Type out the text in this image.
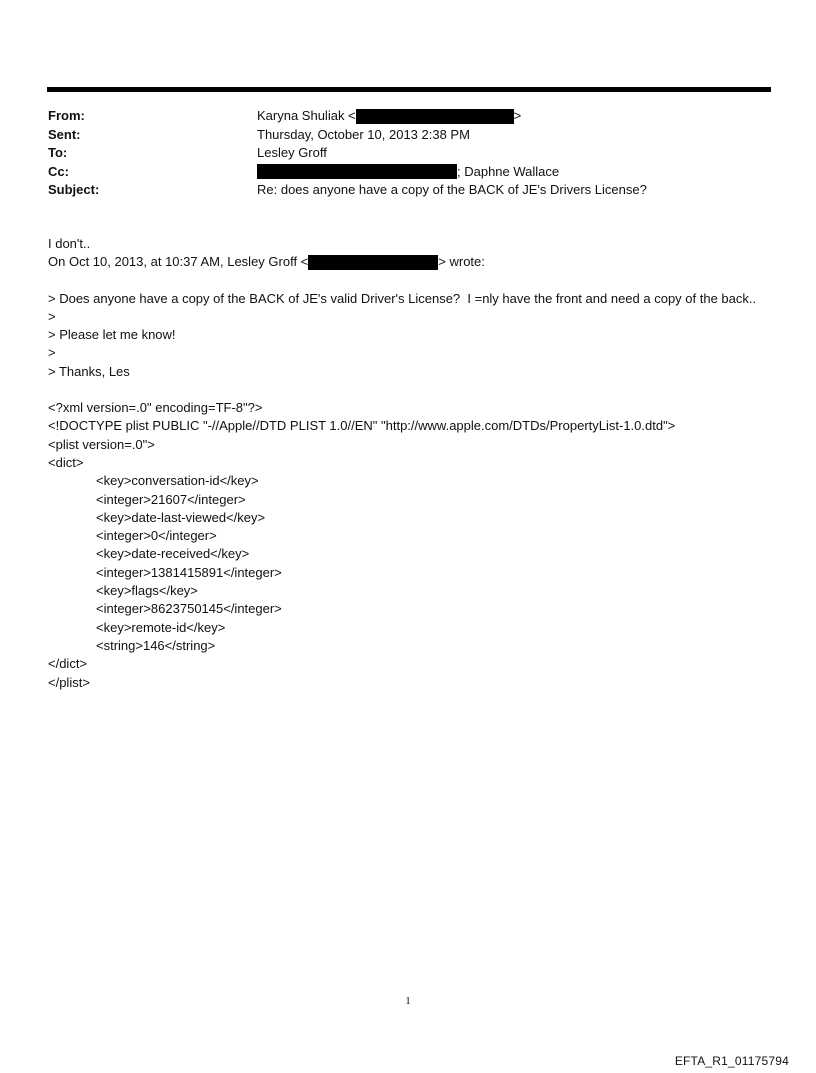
From:	Karyna Shuliak <	>
Sent:	Thursday, October 10, 2013 2:38 PM
To:	Lesley Groff
Cc:	; Daphne Wallace
Subject:	Re: does anyone have a copy of the BACK of JE's Drivers License?
I don't..
On Oct 10, 2013, at 10:37 AM, Lesley Groff <	> wrote:
> Does anyone have a copy of the BACK of JE's valid Driver's License?  I =nly have the front and need a copy of the back..
>
> Please let me know!
>
> Thanks, Les
<?xml version=.0" encoding=TF-8"?>
<!DOCTYPE plist PUBLIC "-//Apple//DTD PLIST 1.0//EN" "http://www.apple.com/DTDs/PropertyList-1.0.dtd">
<plist version=.0">
<dict>
<key>conversation-id</key>
<integer>21607</integer>
<key>date-last-viewed</key>
<integer>0</integer>
<key>date-received</key>
<integer>1381415891</integer>
<key>flags</key>
<integer>8623750145</integer>
<key>remote-id</key>
<string>146</string>
</dict>
</plist>
1
EFTA_R1_01175794
